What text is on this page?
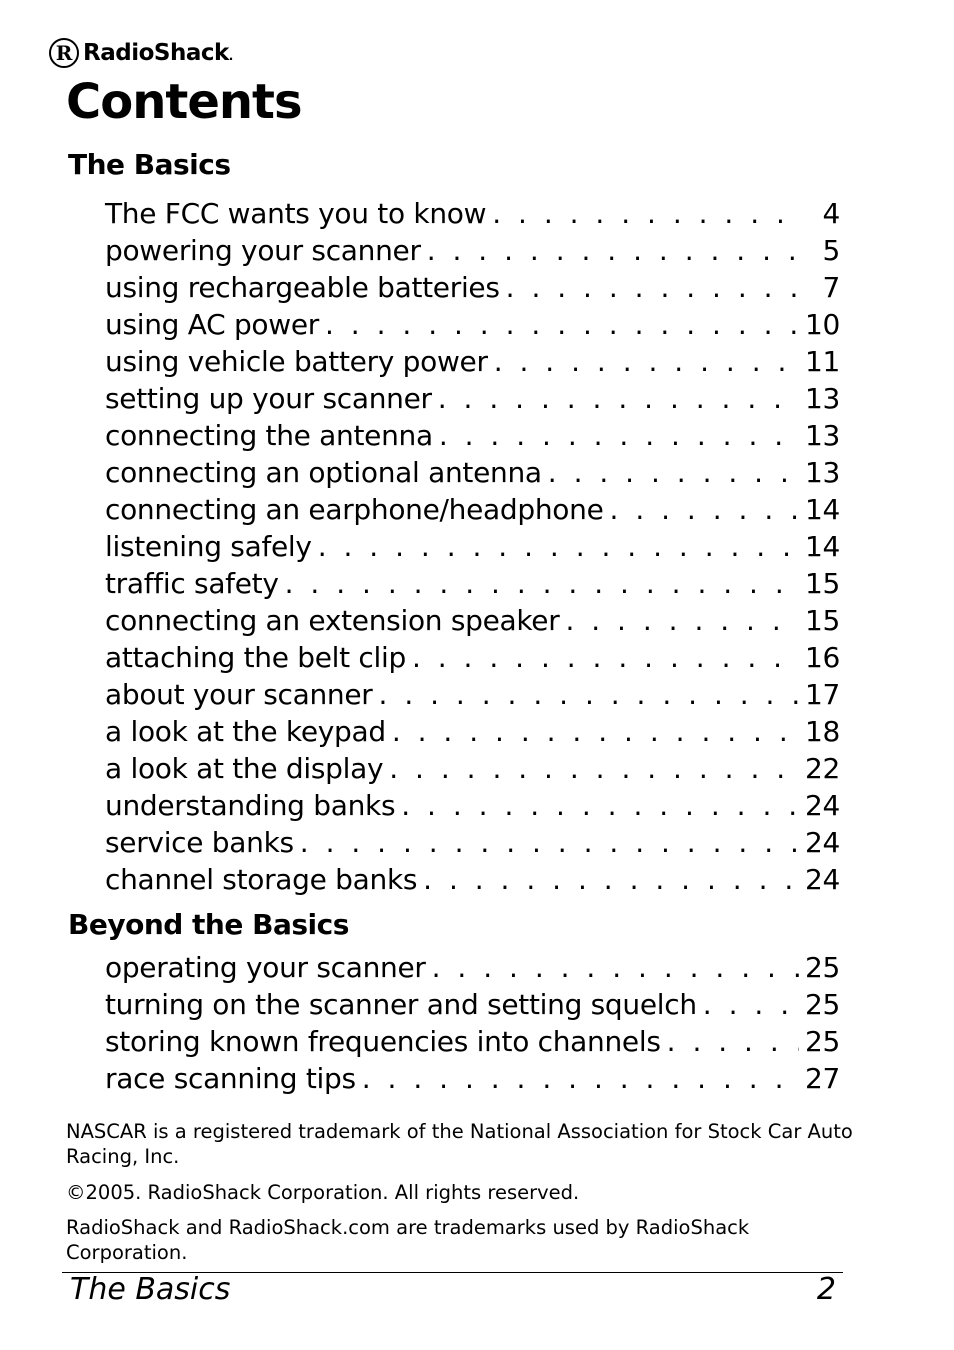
R RadioShack.
Contents
The Basics
The FCC wants you to know . . .	4
powering your scanner . . .	5
using rechargeable batteries . . .	7
using AC power . . .	10
using vehicle battery power . . .	11
setting up your scanner . . .	13
connecting the antenna . . .	13
connecting an optional antenna . . .	13
connecting an earphone/headphone . . .	14
listening safely . . .	14
traffic safety . . .	15
connecting an extension speaker . . .	15
attaching the belt clip . . .	16
about your scanner . . .	17
a look at the keypad . . .	18
a look at the display . . .	22
understanding banks . . .	24
service banks . . .	24
channel storage banks . . .	24
Beyond the Basics
operating your scanner . . .	25
turning on the scanner and setting squelch . . .	25
storing known frequencies into channels . . .	25
race scanning tips . . .	27

NASCAR is a registered trademark of the National Association for Stock Car Auto Racing, Inc.

©2005. RadioShack Corporation. All rights reserved.

RadioShack and RadioShack.com are trademarks used by RadioShack Corporation.

The Basics	2
